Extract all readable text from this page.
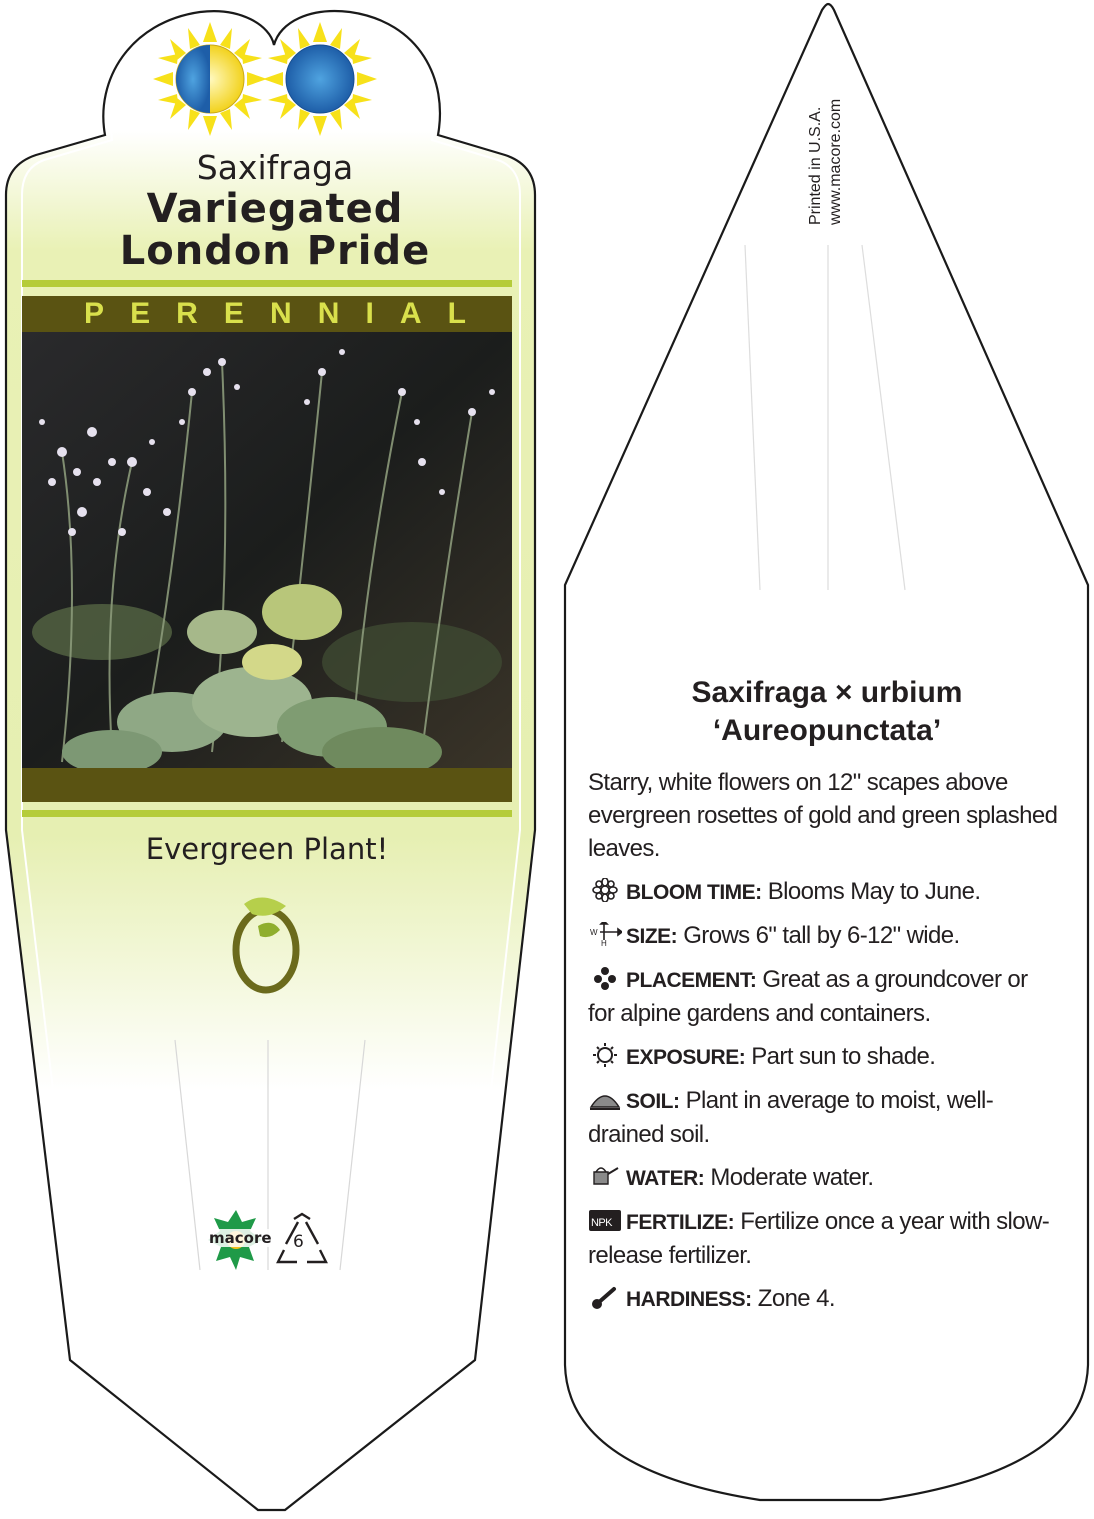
Saxifraga
Variegated
London Pride
P E R E N N I A L
Evergreen Plant!
macore 6
Printed in U.S.A. www.macore.com
Saxifraga × urbium
‘Aureopunctata’

Starry, white flowers on 12" scapes above evergreen rosettes of gold and green splashed leaves.

BLOOM TIME: Blooms May to June.

W
H SIZE: Grows 6" tall by 6-12" wide.

PLACEMENT: Great as a groundcover or for alpine gardens and containers.

EXPOSURE: Part sun to shade.

SOIL: Plant in average to moist, well-drained soil.

WATER: Moderate water.

NPK FERTILIZE: Fertilize once a year with slow-release fertilizer.

HARDINESS: Zone 4.
